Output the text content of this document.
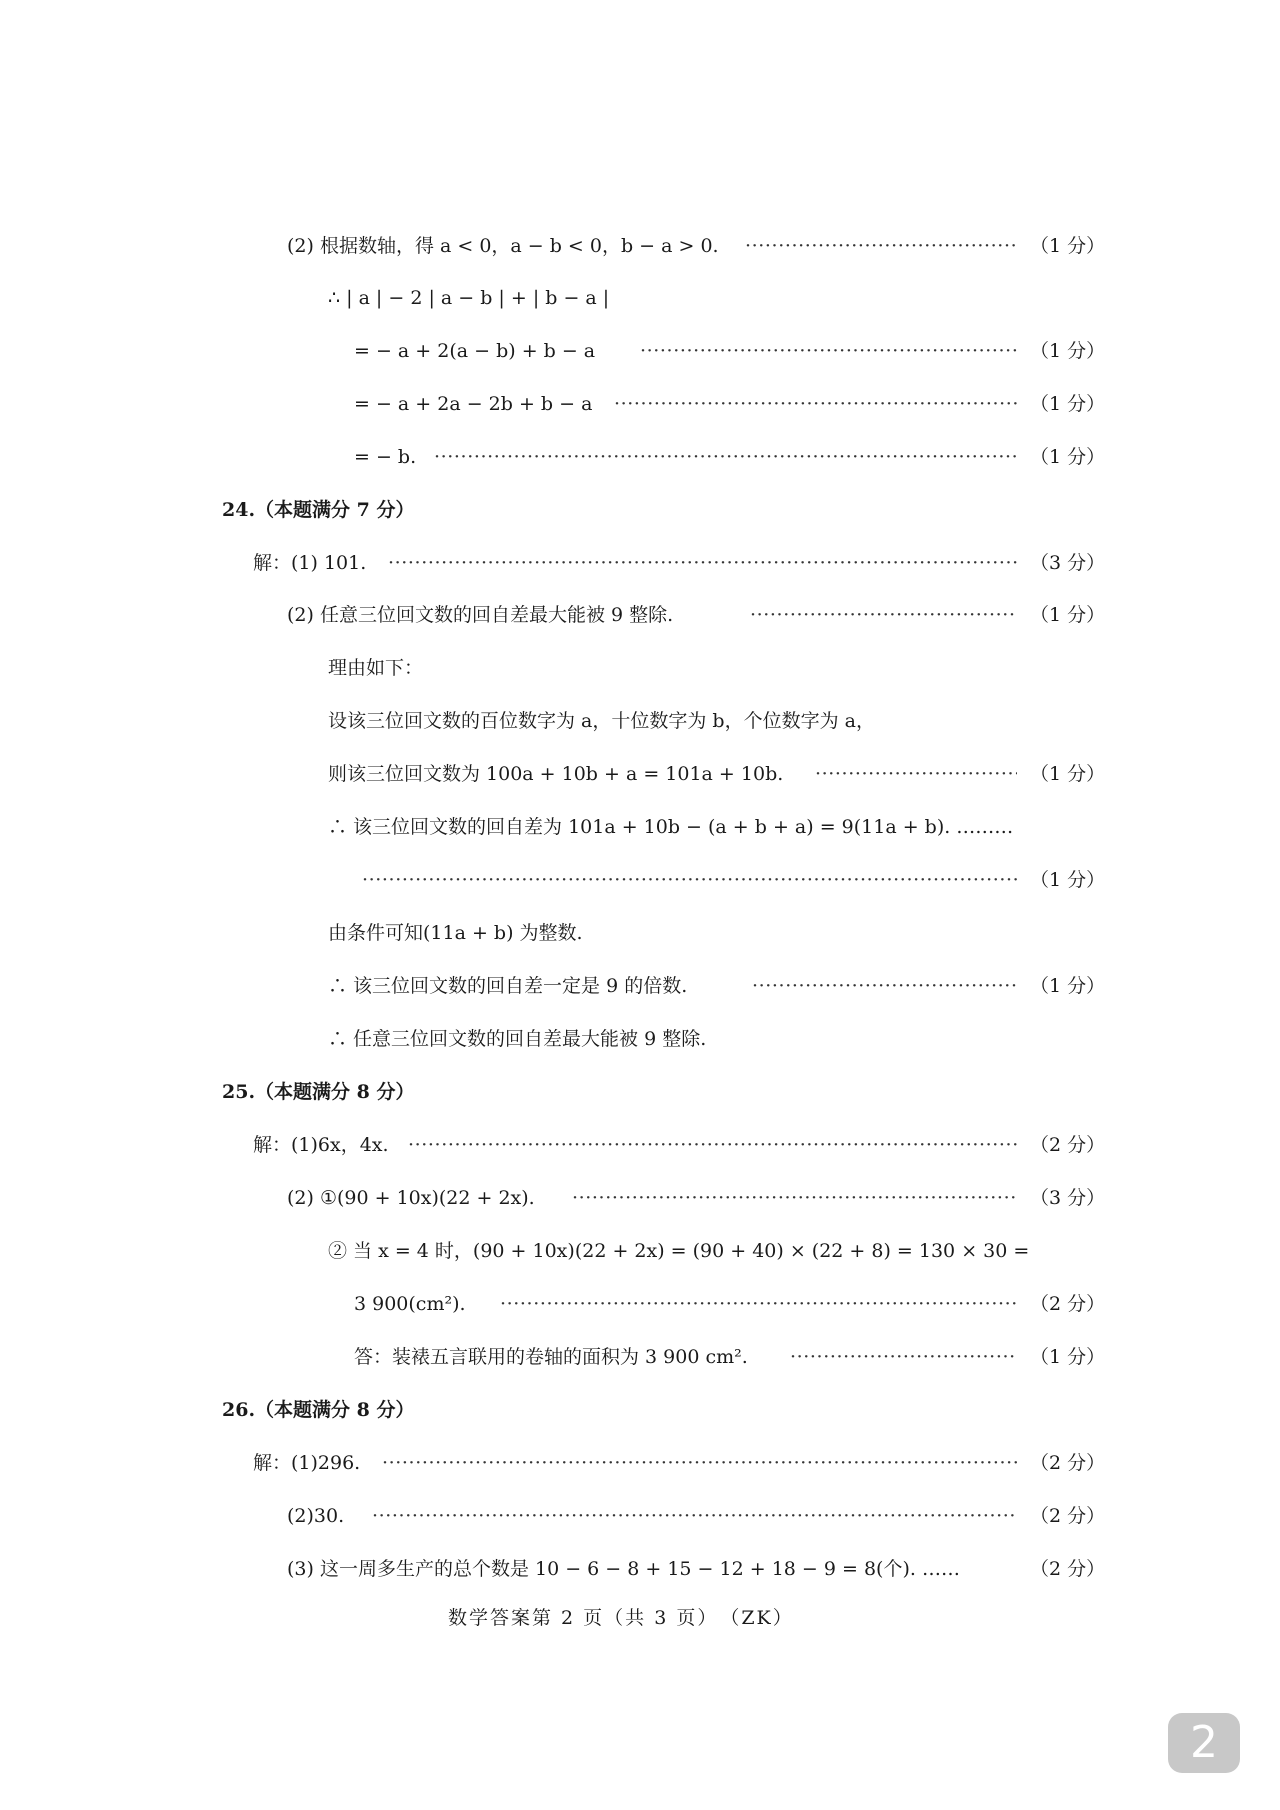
(2) 根据数轴，得 a < 0，a − b < 0，b − a > 0. ·····	（1 分）
∴ | a | − 2 | a − b | + | b − a |
= − a + 2(a − b) + b − a ·····	（1 分）
= − a + 2a − 2b + b − a ·····	（1 分）
= − b. ·····	（1 分）
24.（本题满分 7 分）
解：(1) 101. ·····	（3 分）
(2) 任意三位回文数的回自差最大能被 9 整除. ·····	（1 分）
理由如下：
设该三位回文数的百位数字为 a，十位数字为 b，个位数字为 a，
则该三位回文数为 100a + 10b + a = 101a + 10b. ·····	（1 分）
∴ 该三位回文数的回自差为 101a + 10b − (a + b + a) = 9(11a + b). ………
·····
（1 分）
由条件可知(11a + b) 为整数.
∴ 该三位回文数的回自差一定是 9 的倍数. ·····	（1 分）
∴ 任意三位回文数的回自差最大能被 9 整除.
25.（本题满分 8 分）
解：(1)6x，4x. ·····	（2 分）
(2) ①(90 + 10x)(22 + 2x). ·····	（3 分）
② 当 x = 4 时，(90 + 10x)(22 + 2x) = (90 + 40) × (22 + 8) = 130 × 30 =
3 900(cm²). ·····	（2 分）
答：装裱五言联用的卷轴的面积为 3 900 cm². ·····	（1 分）
26.（本题满分 8 分）
解：(1)296. ·····	（2 分）
(2)30. ·····	（2 分）
(3) 这一周多生产的总个数是 10 − 6 − 8 + 15 − 12 + 18 − 9 = 8(个). ……	（2 分）
数学答案第 2 页（共 3 页）　（ZK）
2
